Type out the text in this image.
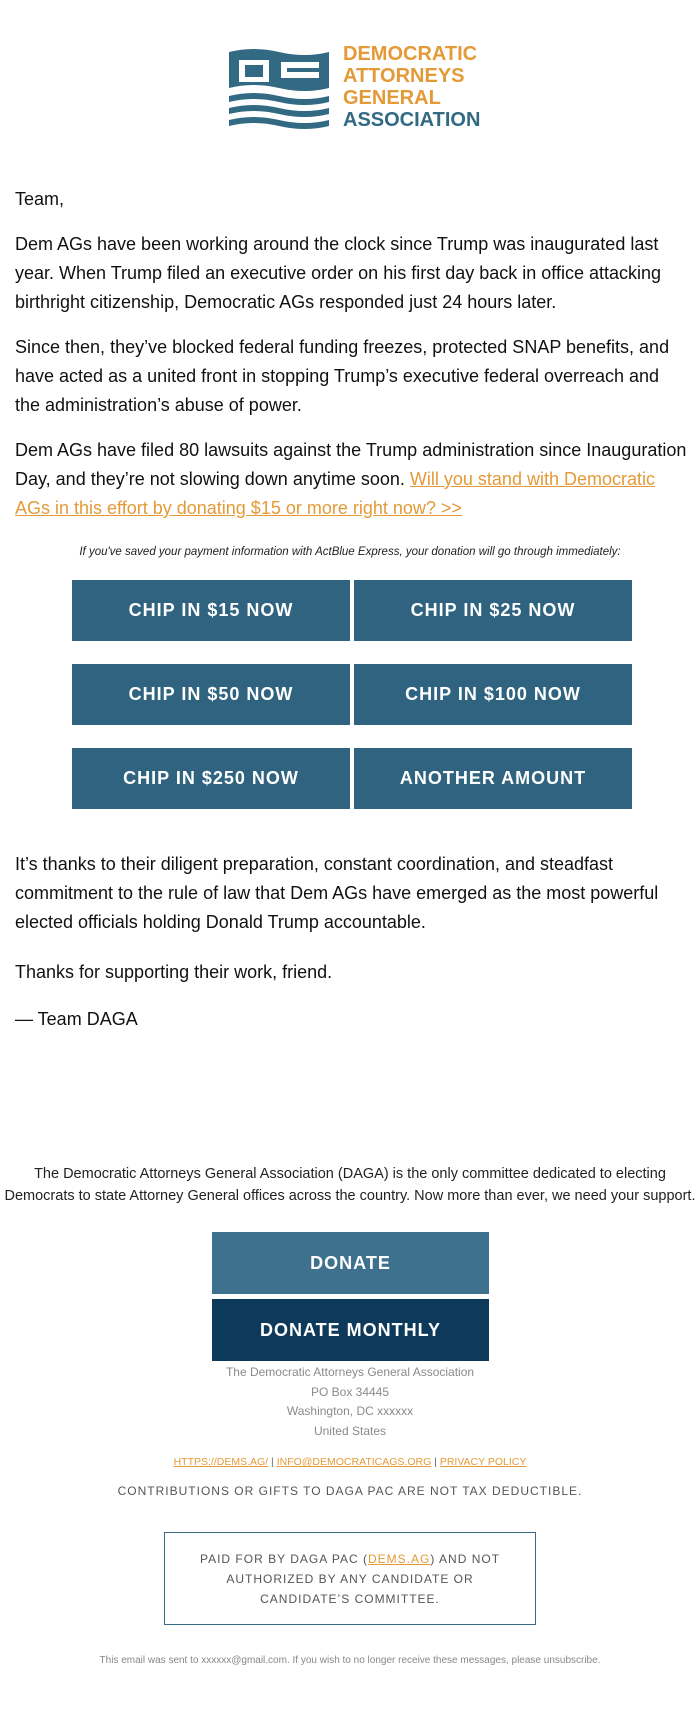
DEMOCRATIC
ATTORNEYS
GENERAL
ASSOCIATION

Team,

Dem AGs have been working around the clock since Trump was inaugurated last year. When Trump filed an executive order on his first day back in office attacking birthright citizenship, Democratic AGs responded just 24 hours later.

Since then, they’ve blocked federal funding freezes, protected SNAP benefits, and have acted as a united front in stopping Trump’s executive federal overreach and the administration’s abuse of power.

Dem AGs have filed 80 lawsuits against the Trump administration since Inauguration Day, and they’re not slowing down anytime soon. Will you stand with Democratic AGs in this effort by donating $15 or more right now? >>

If you've saved your payment information with ActBlue Express, your donation will go through immediately:
CHIP IN $15 NOW	CHIP IN $25 NOW
CHIP IN $50 NOW	CHIP IN $100 NOW
CHIP IN $250 NOW	ANOTHER AMOUNT

It’s thanks to their diligent preparation, constant coordination, and steadfast commitment to the rule of law that Dem AGs have emerged as the most powerful elected officials holding Donald Trump accountable.

Thanks for supporting their work, friend.

— Team DAGA

The Democratic Attorneys General Association (DAGA) is the only committee dedicated to electing Democrats to state Attorney General offices across the country. Now more than ever, we need your support.
DONATE
DONATE MONTHLY
The Democratic Attorneys General Association
PO Box 34445
Washington, DC xxxxxx
United States
HTTPS://DEMS.AG/ | INFO@DEMOCRATICAGS.ORG | PRIVACY POLICY
CONTRIBUTIONS OR GIFTS TO DAGA PAC ARE NOT TAX DEDUCTIBLE.
PAID FOR BY DAGA PAC (DEMS.AG) AND NOT AUTHORIZED BY ANY CANDIDATE OR CANDIDATE’S COMMITTEE.
This email was sent to xxxxxx@gmail.com. If you wish to no longer receive these messages, please unsubscribe.
